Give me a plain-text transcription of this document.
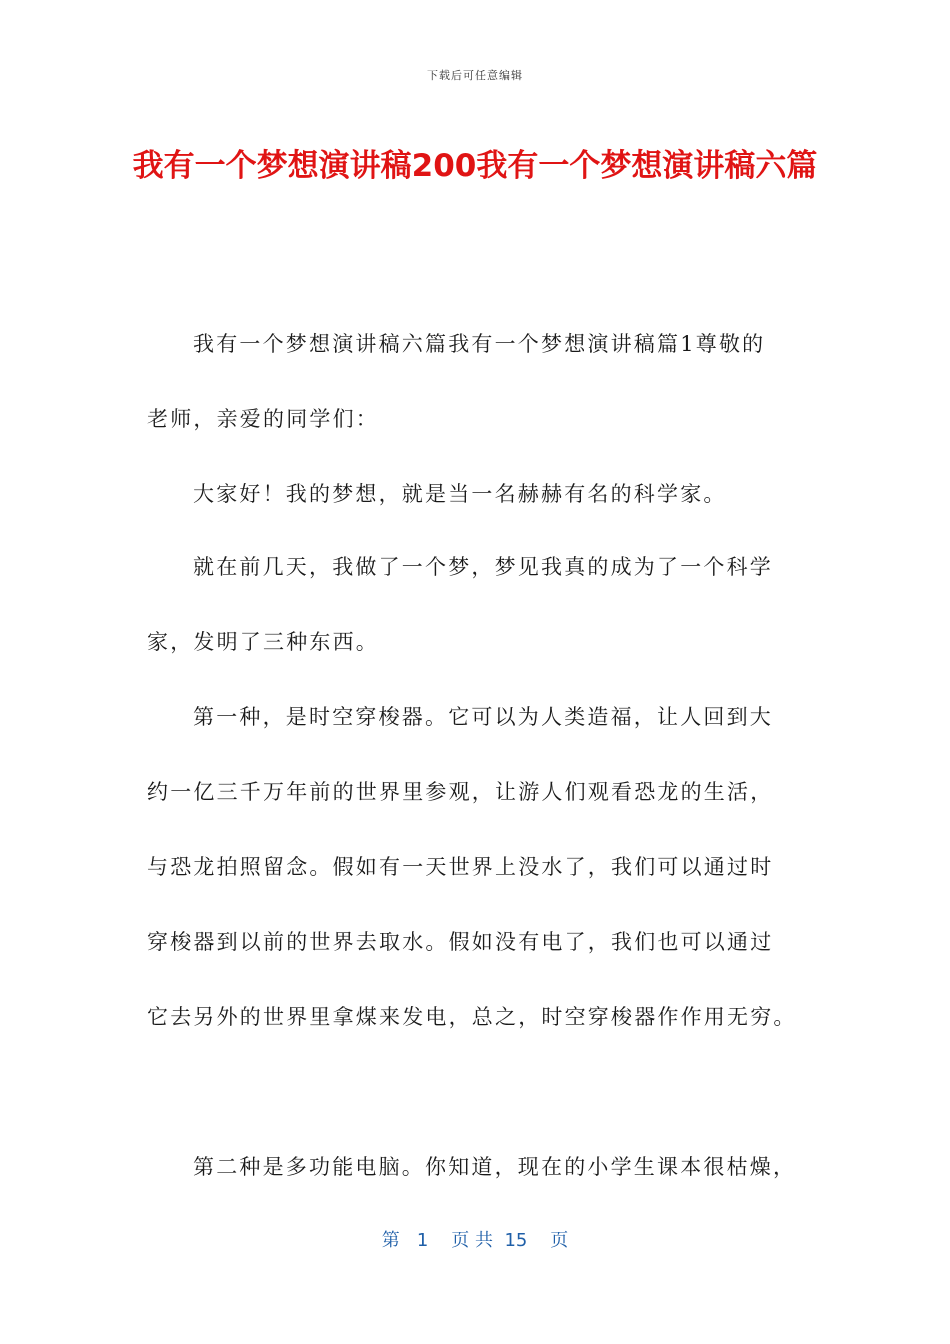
下载后可任意编辑
我有一个梦想演讲稿200我有一个梦想演讲稿六篇
我有一个梦想演讲稿六篇我有一个梦想演讲稿篇1尊敬的
老师，亲爱的同学们：
大家好！我的梦想，就是当一名赫赫有名的科学家。
就在前几天，我做了一个梦，梦见我真的成为了一个科学
家，发明了三种东西。
第一种，是时空穿梭器。它可以为人类造福，让人回到大
约一亿三千万年前的世界里参观，让游人们观看恐龙的生活，
与恐龙拍照留念。假如有一天世界上没水了，我们可以通过时
穿梭器到以前的世界去取水。假如没有电了，我们也可以通过
它去另外的世界里拿煤来发电，总之，时空穿梭器作作用无穷。
第二种是多功能电脑。你知道，现在的小学生课本很枯燥，
第 1 页 共 15 页
